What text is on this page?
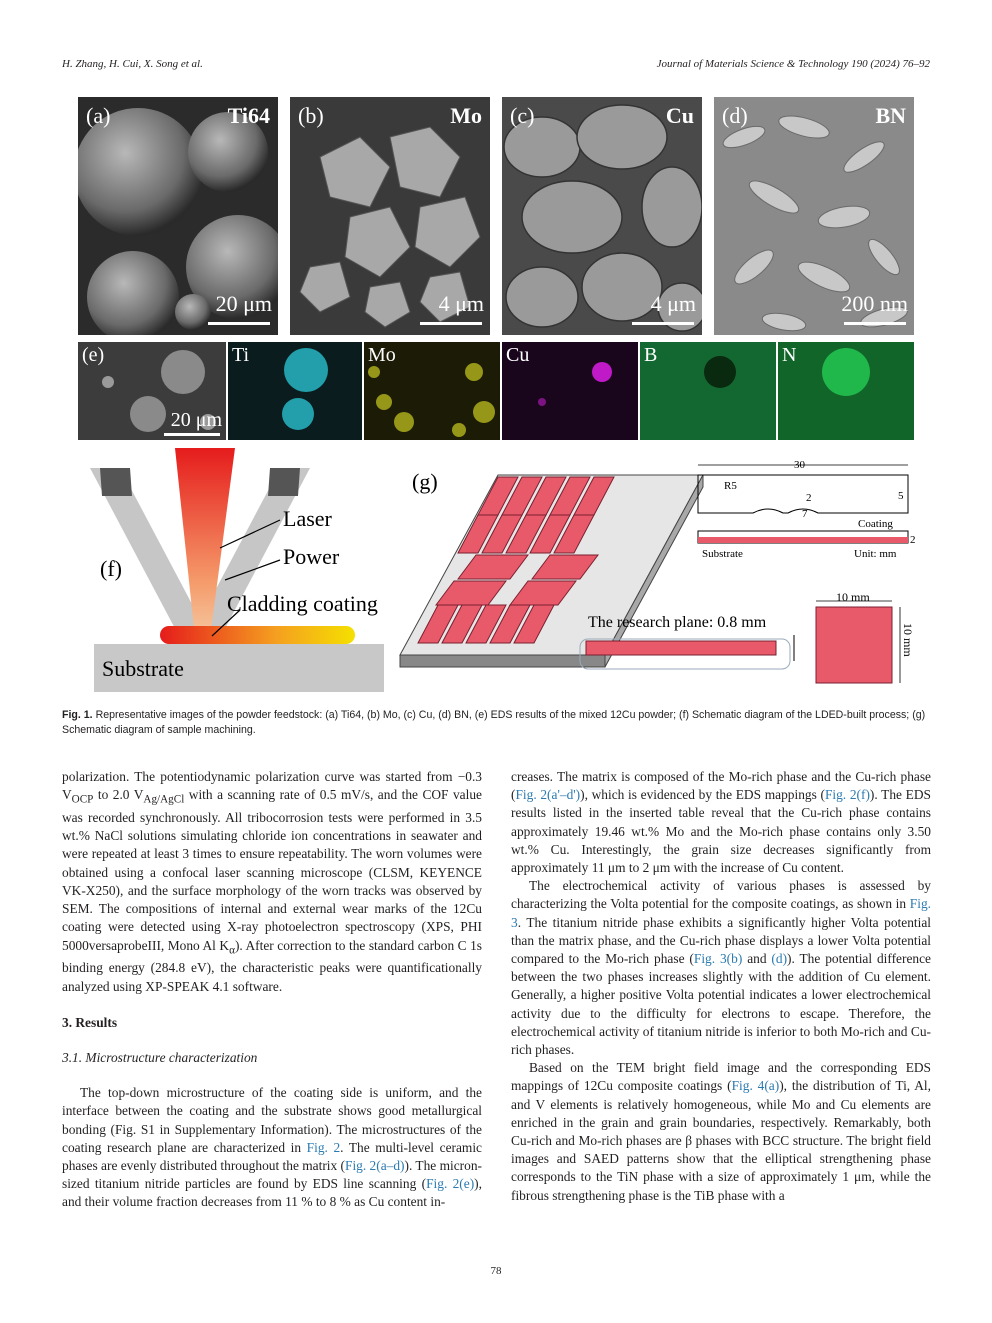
H. Zhang, H. Cui, X. Song et al.	Journal of Materials Science & Technology 190 (2024) 76–92
(a)	Ti64
20 μm
(b)	Mo
4 μm
(c)	Cu
4 μm
(d)	BN
200 nm
(e)
20 μm
Ti	Mo	Cu	B	N
(f)
Laser
Power
Cladding coating
Substrate
(g)
The research plane: 0.8 mm
30
R5
2
7
5
Coating
2
Substrate	Unit: mm
10 mm
10 mm
Fig. 1. Representative images of the powder feedstock: (a) Ti64, (b) Mo, (c) Cu, (d) BN, (e) EDS results of the mixed 12Cu powder; (f) Schematic diagram of the LDED-built process; (g) Schematic diagram of sample machining.

polarization. The potentiodynamic polarization curve was started from −0.3 $V_{OCP}$ to 2.0 $V_{Ag/AgCl}$ with a scanning rate of 0.5 mV/s, and the COF value was recorded synchronously. All tribocorrosion tests were performed in 3.5 wt.% NaCl solutions simulating chloride ion concentrations in seawater and were repeated at least 3 times to ensure repeatability. The worn volumes were obtained using a confocal laser scanning microscope (CLSM, KEYENCE VK-X250), and the surface morphology of the worn tracks was observed by SEM. The compositions of internal and external wear marks of the 12Cu coating were detected using X-ray photoelectron spectroscopy (XPS, PHI 5000versaprobeIII, Mono Al $K_\alpha$). After correction to the standard carbon C 1s binding energy (284.8 eV), the characteristic peaks were quantificationally analyzed using XP-SPEAK 4.1 software.

3. Results

3.1. Microstructure characterization

The top-down microstructure of the coating side is uniform, and the interface between the coating and the substrate shows good metallurgical bonding (Fig. S1 in Supplementary Information). The microstructures of the coating research plane are characterized in Fig. 2. The multi-level ceramic phases are evenly distributed throughout the matrix (Fig. 2(a–d)). The micron-sized titanium nitride particles are found by EDS line scanning (Fig. 2(e)), and their volume fraction decreases from 11 % to 8 % as Cu content in-

creases. The matrix is composed of the Mo-rich phase and the Cu-rich phase (Fig. 2(a'–d')), which is evidenced by the EDS mappings (Fig. 2(f)). The EDS results listed in the inserted table reveal that the Cu-rich phase contains approximately 19.46 wt.% Mo and the Mo-rich phase contains only 3.50 wt.% Cu. Interestingly, the grain size decreases significantly from approximately 11 μm to 2 μm with the increase of Cu content.

The electrochemical activity of various phases is assessed by characterizing the Volta potential for the composite coatings, as shown in Fig. 3. The titanium nitride phase exhibits a significantly higher Volta potential than the matrix phase, and the Cu-rich phase displays a lower Volta potential compared to the Mo-rich phase (Fig. 3(b) and (d)). The potential difference between the two phases increases slightly with the addition of Cu element. Generally, a higher positive Volta potential indicates a lower electrochemical activity due to the difficulty for electrons to escape. Therefore, the electrochemical activity of titanium nitride is inferior to both Mo-rich and Cu-rich phases.

Based on the TEM bright field image and the corresponding EDS mappings of 12Cu composite coatings (Fig. 4(a)), the distribution of Ti, Al, and V elements is relatively homogeneous, while Mo and Cu elements are enriched in the grain and grain boundaries, respectively. Remarkably, both Cu-rich and Mo-rich phases are β phases with BCC structure. The bright field images and SAED patterns show that the elliptical strengthening phase corresponds to the TiN phase with a size of approximately 1 μm, while the fibrous strengthening phase is the TiB phase with a

78
